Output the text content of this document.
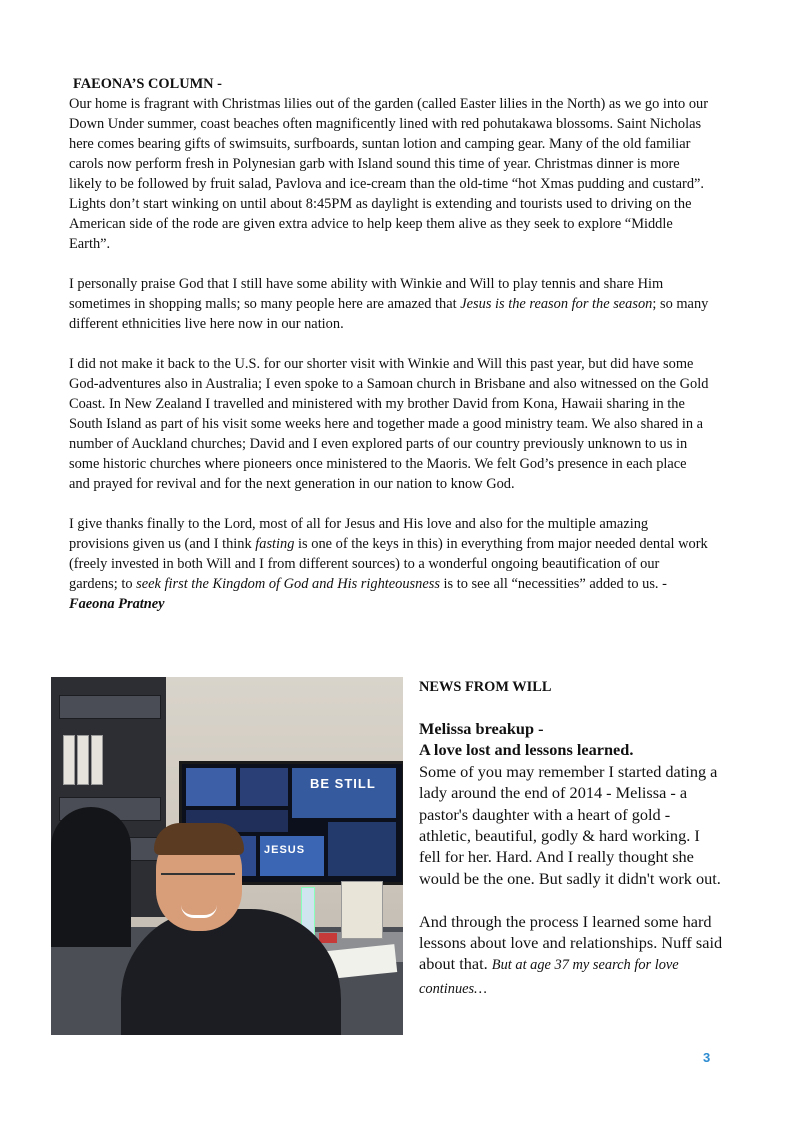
FAEONA’S COLUMN -

Our home is fragrant with Christmas lilies out of the garden (called Easter lilies in the North) as we go into our Down Under summer, coast beaches often magnificently lined with red pohutakawa blossoms. Saint Nicholas here comes bearing gifts of swimsuits, surfboards, suntan lotion and camping gear. Many of the old familiar carols now perform fresh in Polynesian garb with Island sound this time of year. Christmas dinner is more likely to be followed by fruit salad, Pavlova and ice-cream than the old-time “hot Xmas pudding and custard”. Lights don’t start winking on until about 8:45PM as daylight is extending and tourists used to driving on the American side of the rode are given extra advice to help keep them alive as they seek to explore “Middle Earth”.

I personally praise God that I still have some ability with Winkie and Will to play tennis and share Him sometimes in shopping malls; so many people here are amazed that Jesus is the reason for the season; so many different ethnicities live here now in our nation.

I did not make it back to the U.S. for our shorter visit with Winkie and Will this past year, but did have some God-adventures also in Australia; I even spoke to a Samoan church in Brisbane and also witnessed on the Gold Coast. In New Zealand I travelled and ministered with my brother David from Kona, Hawaii sharing in the South Island as part of his visit some weeks here and together made a good ministry team. We also shared in a number of Auckland churches; David and I even explored parts of our country previously unknown to us in some historic churches where pioneers once ministered to the Maoris. We felt God’s presence in each place and prayed for revival and for the next generation in our nation to know God.

I give thanks finally to the Lord, most of all for Jesus and His love and also for the multiple amazing provisions given us (and I think fasting is one of the keys in this) in everything from major needed dental work (freely invested in both Will and I from different sources) to a wonderful ongoing beautification of our gardens; to seek first the Kingdom of God and His righteousness is to see all “necessities” added to us. - Faeona Pratney

BE STILL
JESUS

NEWS FROM WILL

Melissa breakup -

A love lost and lessons learned.

Some of you may remember I started dating a lady around the end of 2014 - Melissa - a pastor's daughter with a heart of gold - athletic, beautiful, godly & hard working. I fell for her. Hard. And I really thought she would be the one. But sadly it didn't work out.

And through the process I learned some hard lessons about love and relationships. Nuff said about that. But at age 37 my search for love continues…

3
